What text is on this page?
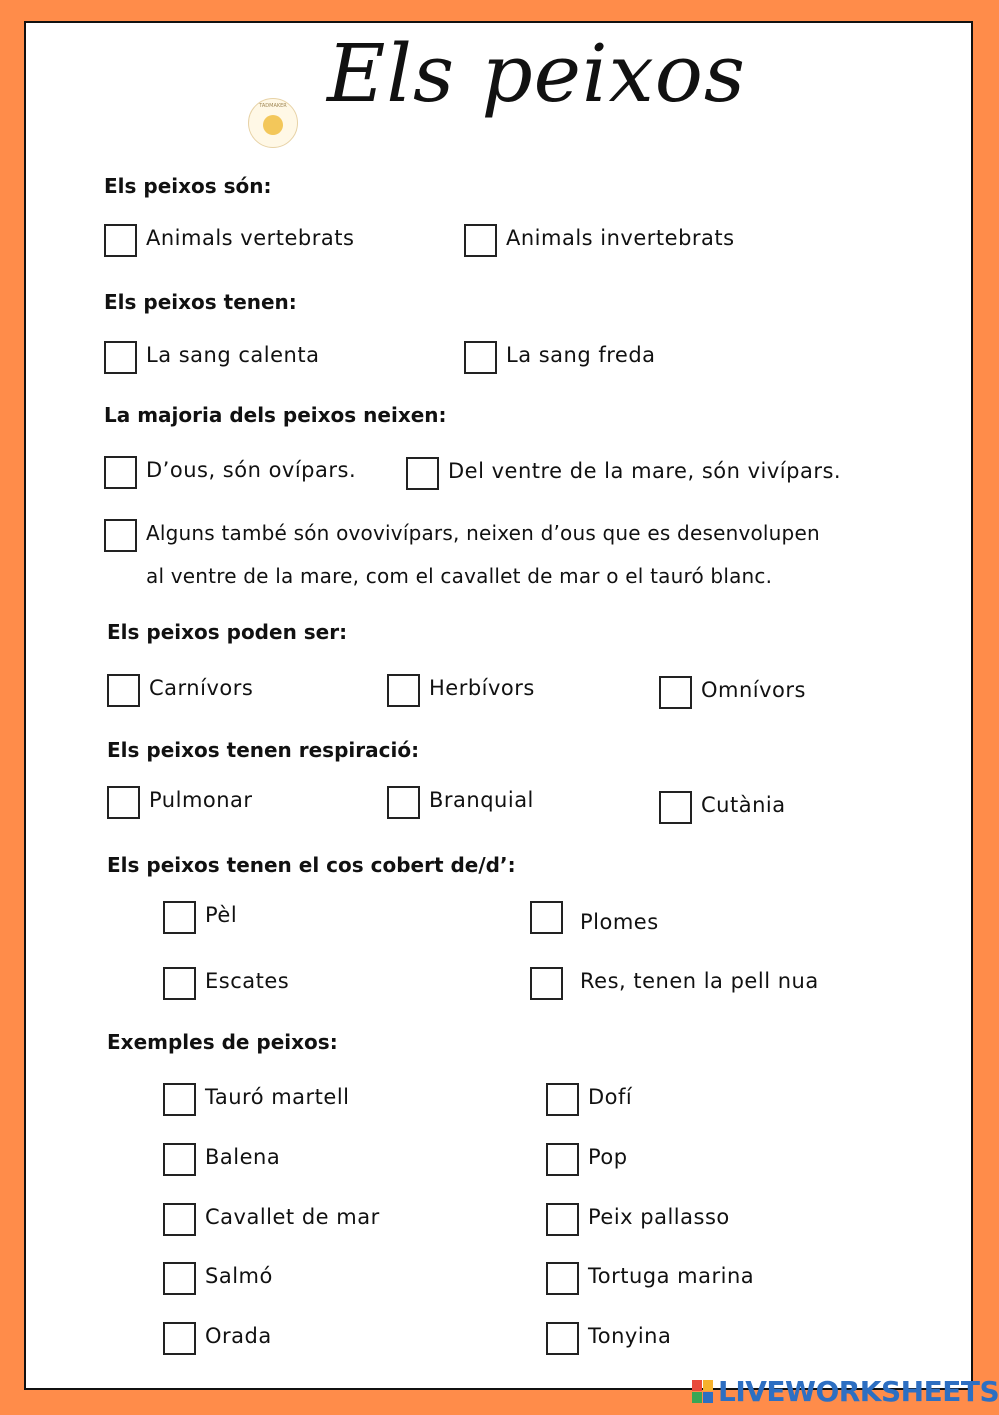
Els peixos
TADMAKER
Els peixos són:
Animals vertebrats	Animals invertebrats
Els peixos tenen:
La sang calenta	La sang freda
La majoria dels peixos neixen:
D’ous, són ovípars.	Del ventre de la mare, són vivípars.
Alguns també són ovovivípars, neixen d’ous que es desenvolupen
al ventre de la mare, com el cavallet de mar o el tauró blanc.
Els peixos poden ser:
Carnívors	Herbívors	Omnívors
Els peixos tenen respiració:
Pulmonar	Branquial	Cutània
Els peixos tenen el cos cobert de/d’:
Pèl	Plomes
Escates	Res, tenen la pell nua
Exemples de peixos:
Tauró martell	Dofí
Balena	Pop
Cavallet de mar	Peix pallasso
Salmó	Tortuga marina
Orada	Tonyina
LIVEWORKSHEETS
